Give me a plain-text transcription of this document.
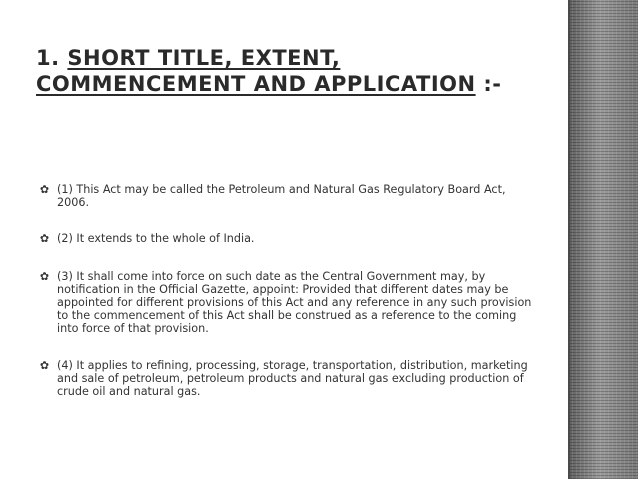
1. SHORT TITLE, EXTENT,
COMMENCEMENT AND APPLICATION :-
✿ (1) This Act may be called the Petroleum and Natural Gas Regulatory Board Act, 2006.
✿ (2) It extends to the whole of India.
✿ (3) It shall come into force on such date as the Central Government may, by notification in the Official Gazette, appoint: Provided that different dates may be appointed for different provisions of this Act and any reference in any such provision to the commencement of this Act shall be construed as a reference to the coming into force of that provision.
✿ (4) It applies to refining, processing, storage, transportation, distribution, marketing and sale of petroleum, petroleum products and natural gas excluding production of crude oil and natural gas.
